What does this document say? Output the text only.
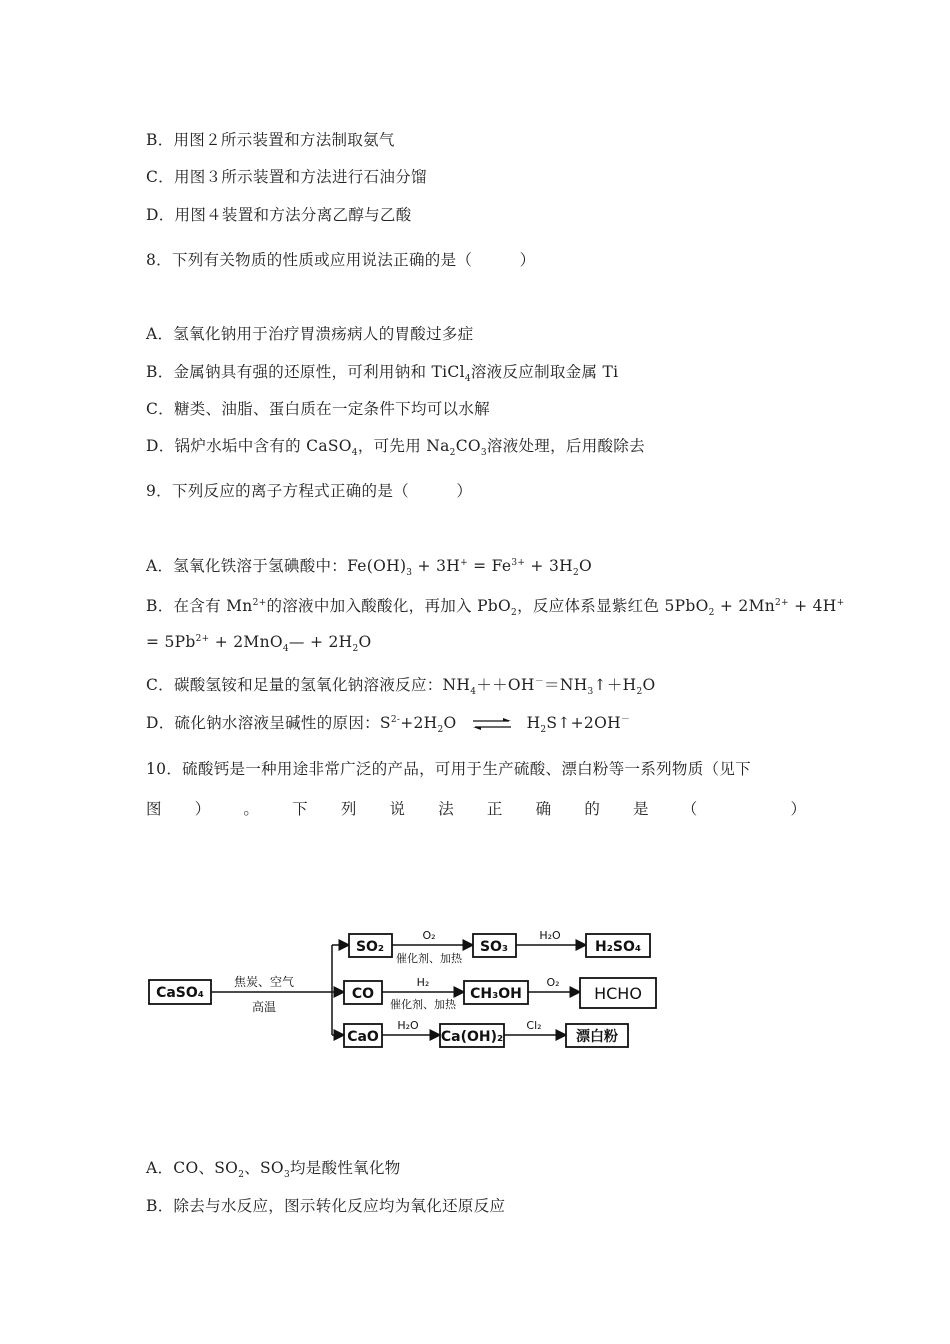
B．用图２所示装置和方法制取氨气
C．用图３所示装置和方法进行石油分馏
D．用图４装置和方法分离乙醇与乙酸
8．下列有关物质的性质或应用说法正确的是（　　　）
A．氢氧化钠用于治疗胃溃疡病人的胃酸过多症
B．金属钠具有强的还原性，可利用钠和 TiCl$_4$溶液反应制取金属 Ti
C．糖类、油脂、蛋白质在一定条件下均可以水解
D．锅炉水垢中含有的 CaSO$_4$，可先用 $Na_2CO_3$溶液处理，后用酸除去
9．下列反应的离子方程式正确的是（　　　）
A．氢氧化铁溶于氢碘酸中：$Fe(OH)_3 + 3H^+ = Fe^{3+} + 3H_2O$
B．在含有 $Mn^{2+}$的溶液中加入酸酸化，再加入 PbO$_2$，反应体系显紫红色 $5PbO_2 + 2Mn^{2+} + 4H^+$
= $5Pb^{2+}$ + 2MnO$_4$— + $2H_2O$
C．碳酸氢铵和足量的氢氧化钠溶液反应：$NH_4++OH^-=NH_3↑+H_2O$
D．硫化钠水溶液呈碱性的原因：$S^{2-}+2H_2O$ ⇌ $H_2S↑+2OH^-$
10．硫酸钙是一种用途非常广泛的产品，可用于生产硫酸、漂白粉等一系列物质（见下
图 ） 。 下 列 说 法 正 确 的 是 （	）
CaSO₄
焦炭、空气
高温
SO₂
O₂
催化剂、加热
SO₃
H₂O
H₂SO₄
CO
H₂
催化剂、加热
CH₃OH
O₂
HCHO
CaO
H₂O
Ca(OH)₂
Cl₂
漂白粉
A．CO、$SO_2$、$SO_3$均是酸性氧化物
B．除去与水反应，图示转化反应均为氧化还原反应
